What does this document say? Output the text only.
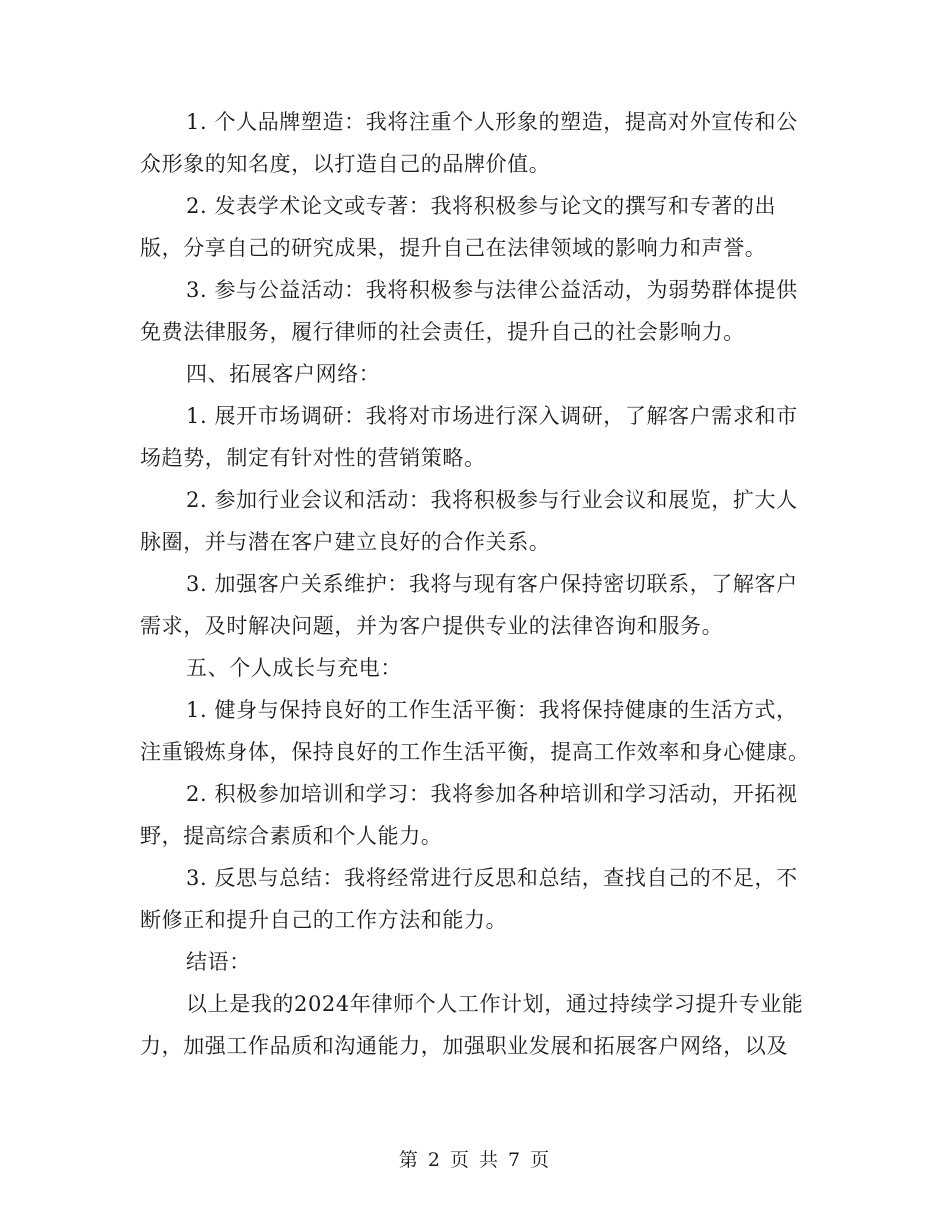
1. 个人品牌塑造：我将注重个人形象的塑造，提高对外宣传和公众形象的知名度，以打造自己的品牌价值。

2. 发表学术论文或专著：我将积极参与论文的撰写和专著的出版，分享自己的研究成果，提升自己在法律领域的影响力和声誉。

3. 参与公益活动：我将积极参与法律公益活动，为弱势群体提供免费法律服务，履行律师的社会责任，提升自己的社会影响力。

四、拓展客户网络：

1. 展开市场调研：我将对市场进行深入调研，了解客户需求和市场趋势，制定有针对性的营销策略。

2. 参加行业会议和活动：我将积极参与行业会议和展览，扩大人脉圈，并与潜在客户建立良好的合作关系。

3. 加强客户关系维护：我将与现有客户保持密切联系，了解客户需求，及时解决问题，并为客户提供专业的法律咨询和服务。

五、个人成长与充电：

1. 健身与保持良好的工作生活平衡：我将保持健康的生活方式，注重锻炼身体，保持良好的工作生活平衡，提高工作效率和身心健康。

2. 积极参加培训和学习：我将参加各种培训和学习活动，开拓视野，提高综合素质和个人能力。

3. 反思与总结：我将经常进行反思和总结，查找自己的不足，不断修正和提升自己的工作方法和能力。

结语：

以上是我的2024年律师个人工作计划，通过持续学习提升专业能力，加强工作品质和沟通能力，加强职业发展和拓展客户网络，以及

第 2 页 共 7 页
